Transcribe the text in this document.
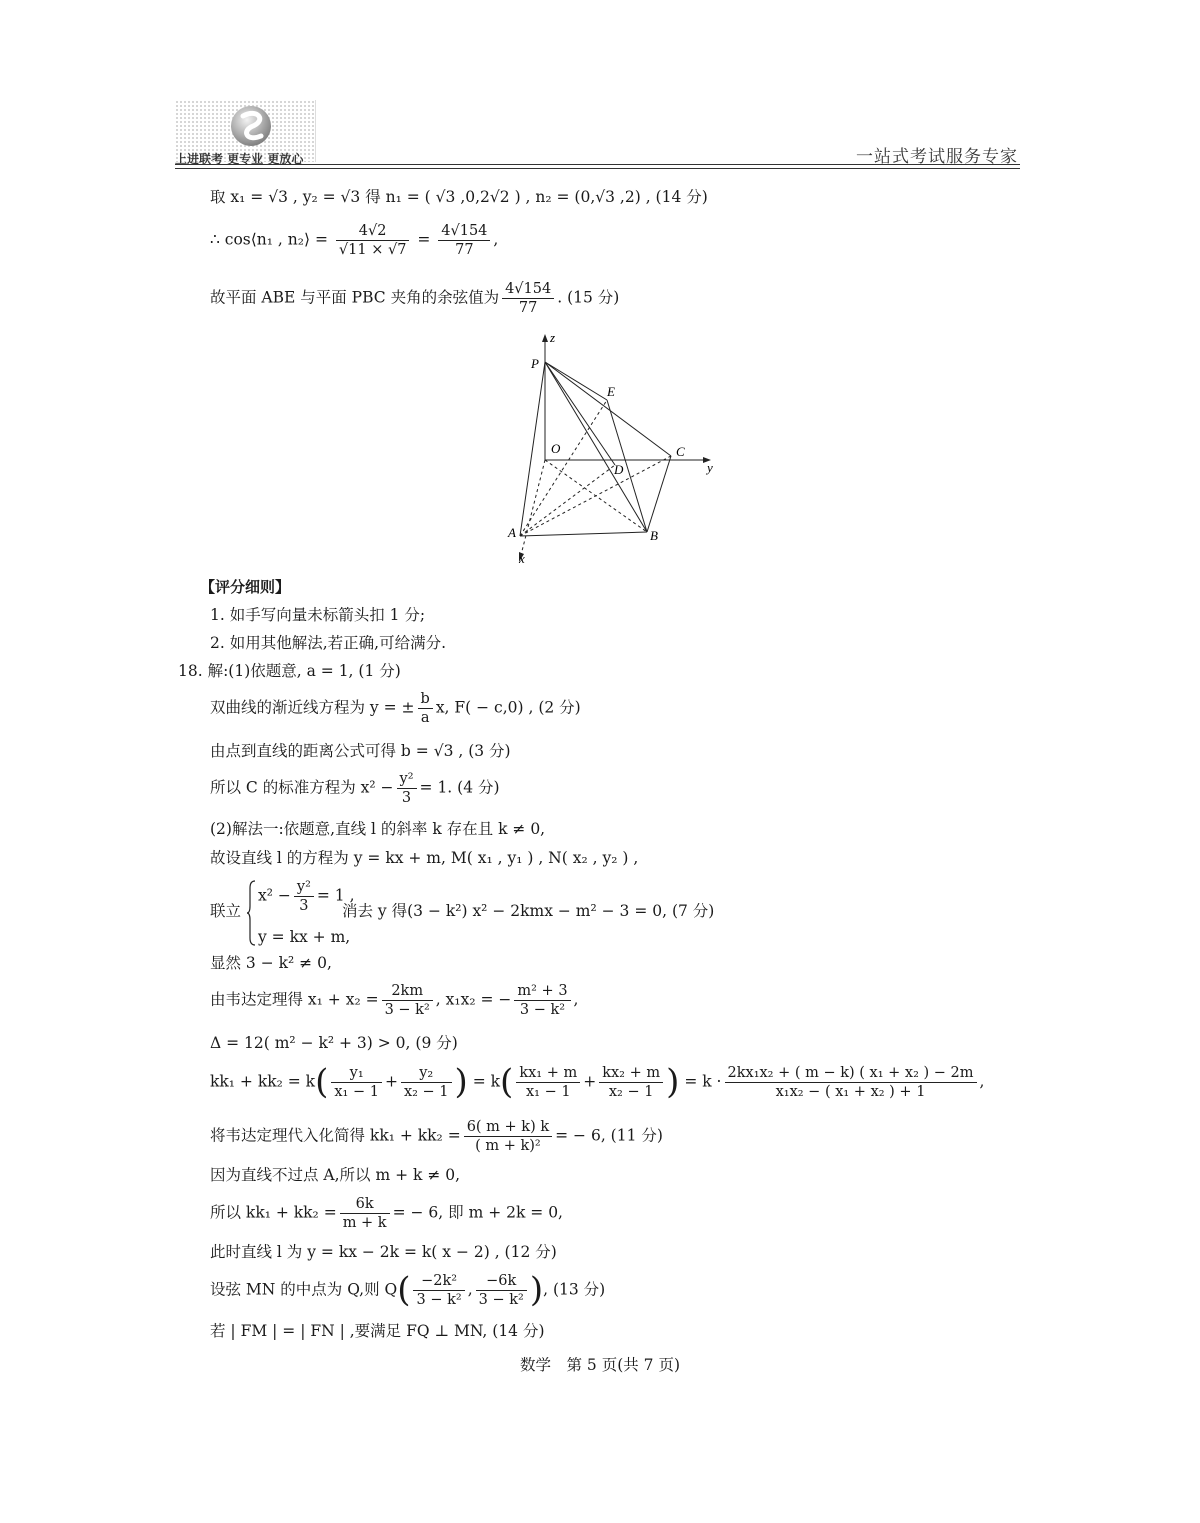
上进联考 更专业 更放心	一站式考试服务专家
取 x₁ = √3 , y₂ = √3 得 n₁ = ( √3 ,0,2√2 ) , n₂ = (0,√3 ,2) , (14 分)
∴ cos⟨n₁ , n₂⟩ = $\frac{4√2}{√11 \times √7} = \frac{4√154}{77}$ ,
故平面 ABE 与平面 PBC 夹角的余弦值为 $\frac{4√154}{77}$ . (15 分)
z
P
E
O	C
y
D
A	B
x
【评分细则】
1. 如手写向量未标箭头扣 1 分;
2. 如用其他解法,若正确,可给满分.
18. 解:(1)依题意, a = 1, (1 分)
双曲线的渐近线方程为 y = ± $\frac{b}{a} x$, F( − c,0) , (2 分)
由点到直线的距离公式可得 b = √3 , (3 分)
所以 C 的标准方程为 $x^2 - \frac{\text{y²}}{3} = 1$. (4 分)
(2)解法一:依题意,直线 l 的斜率 k 存在且 k ≠ 0,
故设直线 l 的方程为 y = kx + m, M( x₁ , y₁ ) , N( x₂ , y₂ ) ,
联立
$x^2 - \frac{\text{y²}}{3} = 1$ ,
y = kx + m,
消去 y 得(3 − k²) x² − 2kmx − m² − 3 = 0, (7 分)
显然 3 − k² ≠ 0,
由韦达定理得 $x_1 + x_2 = \frac{2km}{\text{3 − k²}}$ , x₁x₂ = − $\frac{\text{m² + 3}}{\text{3 − k²}}$ ,
Δ = 12( m² − k² + 3) > 0, (9 分)
$kk_1 + kk_2 = k( \frac{\text{y₁}}{\text{x₁ − 1}} + \frac{\text{y₂}}{\text{x₂ − 1}}$ ) = $k( \frac{\text{kx₁ + m}}{\text{x₁ − 1}} + \frac{\text{kx₂ + m}}{\text{x₂ − 1}}$ ) = $k \cdot \frac{\text{2kx₁x₂ + ( m − k) ( x₁ + x₂ ) − 2m}}{\text{x₁x₂ − ( x₁ + x₂ ) + 1}}$ ,
将韦达定理代入化简得 $kk_1 + kk_2 = \frac{6( m + k) k}{\text{( m + k)²}}$ = − 6, (11 分)
因为直线不过点 A,所以 m + k ≠ 0,
所以 $kk_1 + kk_2 = \frac{6k}{m + k}$ = − 6, 即 m + 2k = 0,
此时直线 l 为 y = kx − 2k = k( x − 2) , (12 分)
设弦 MN 的中点为 Q,则 $Q( \frac{\text{−2k²}}{\text{3 − k²}}$ , $\frac{-6k}{\text{3 − k²}}$ ), (13 分)
若 | FM | = | FN | ,要满足 FQ ⊥ MN, (14 分)
数学　第 5 页(共 7 页)
